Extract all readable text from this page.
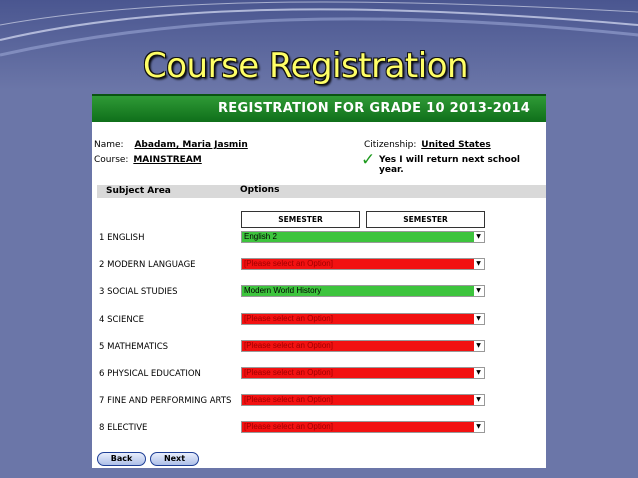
Course Registration
REGISTRATION FOR GRADE 10 2013-2014
Name: Abadam, Maria Jasmin
Course: MAINSTREAM
Citizenship: United States
✓ Yes I will return next school year.
Subject Area	Options
SEMESTER	SEMESTER
1 ENGLISH	English 2	▼
2 MODERN LANGUAGE	[Please select an Option]	▼
3 SOCIAL STUDIES	Modern World History	▼
4 SCIENCE	[Please select an Option]	▼
5 MATHEMATICS	[Please select an Option]	▼
6 PHYSICAL EDUCATION	[Please select an Option]	▼
7 FINE AND PERFORMING ARTS [Please select an Option]	▼
8 ELECTIVE	[Please select an Option]	▼
Back	Next
